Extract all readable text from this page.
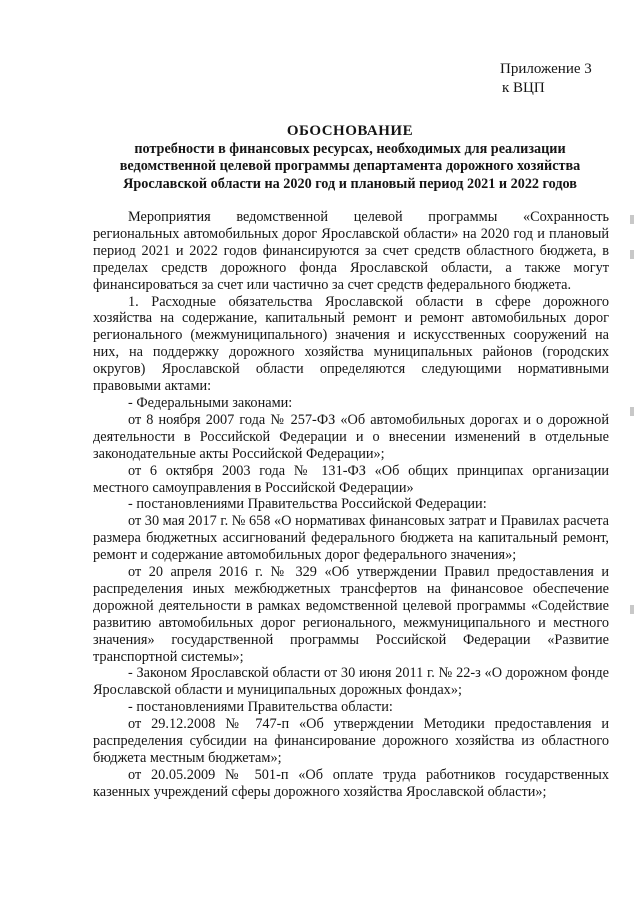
Приложение 3
к ВЦП
ОБОСНОВАНИЕ
потребности в финансовых ресурсах, необходимых для реализации
ведомственной целевой программы департамента дорожного хозяйства
Ярославской области на 2020 год и плановый период 2021 и 2022 годов

Мероприятия ведомственной целевой программы «Сохранность региональных автомобильных дорог Ярославской области» на 2020 год и плановый период 2021 и 2022 годов финансируются за счет средств областного бюджета, в пределах средств дорожного фонда Ярославской области, а также могут финансироваться за счет или частично за счет средств федерального бюджета.

1. Расходные обязательства Ярославской области в сфере дорожного хозяйства на содержание, капитальный ремонт и ремонт автомобильных дорог регионального (межмуниципального) значения и искусственных сооружений на них, на поддержку дорожного хозяйства муниципальных районов (городских округов) Ярославской области определяются следующими нормативными правовыми актами:

- Федеральными законами:

от 8 ноября 2007 года № 257-ФЗ «Об автомобильных дорогах и о дорожной деятельности в Российской Федерации и о внесении изменений в отдельные законодательные акты Российской Федерации»;

от 6 октября 2003 года № 131-ФЗ «Об общих принципах организации местного самоуправления в Российской Федерации»

- постановлениями Правительства Российской Федерации:

от 30 мая 2017 г. № 658 «О нормативах финансовых затрат и Правилах расчета размера бюджетных ассигнований федерального бюджета на капитальный ремонт, ремонт и содержание автомобильных дорог федерального значения»;

от 20 апреля 2016 г. № 329 «Об утверждении Правил предоставления и распределения иных межбюджетных трансфертов на финансовое обеспечение дорожной деятельности в рамках ведомственной целевой программы «Содействие развитию автомобильных дорог регионального, межмуниципального и местного значения» государственной программы Российской Федерации «Развитие транспортной системы»;

- Законом Ярославской области от 30 июня 2011 г. № 22-з «О дорожном фонде Ярославской области и муниципальных дорожных фондах»;

- постановлениями Правительства области:

от 29.12.2008 № 747-п «Об утверждении Методики предоставления и распределения субсидии на финансирование дорожного хозяйства из областного бюджета местным бюджетам»;

от 20.05.2009 № 501-п «Об оплате труда работников государственных казенных учреждений сферы дорожного хозяйства Ярославской области»;
